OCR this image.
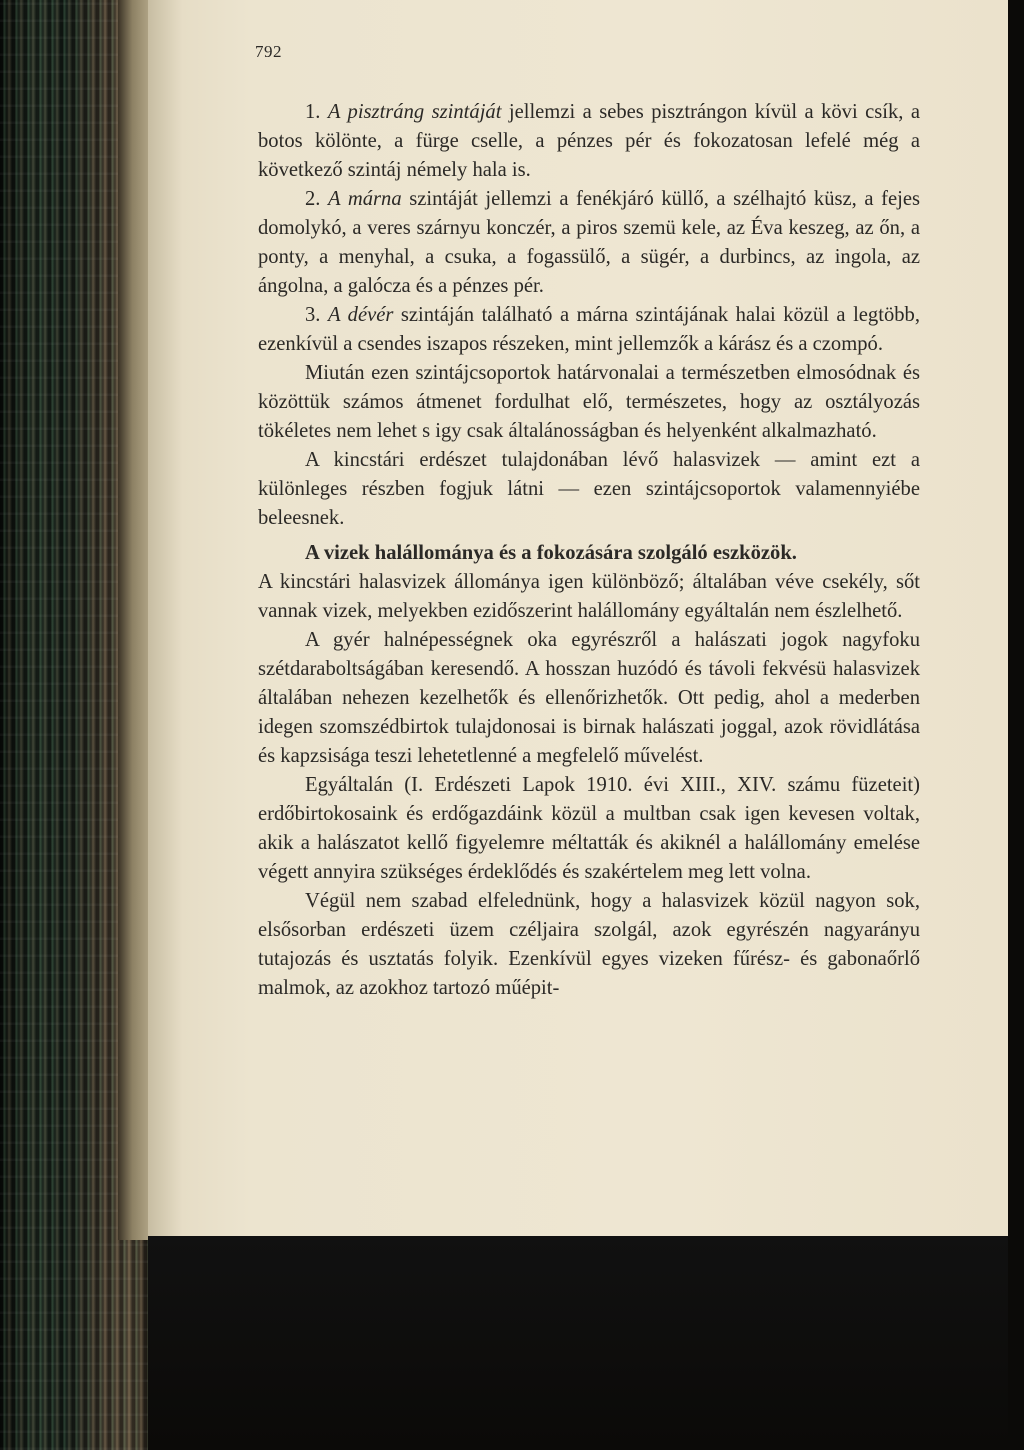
792

1. A pisztráng szintáját jellemzi a sebes pisztrángon kívül a kövi csík, a botos kölönte, a fürge cselle, a pénzes pér és fokozatosan lefelé még a következő szintáj némely hala is.

2. A márna szintáját jellemzi a fenékjáró küllő, a szélhajtó küsz, a fejes domolykó, a veres szárnyu konczér, a piros szemü kele, az Éva keszeg, az őn, a ponty, a menyhal, a csuka, a fogassülő, a sügér, a durbincs, az ingola, az ángolna, a galócza és a pénzes pér.

3. A dévér szintáján található a márna szintájának halai közül a legtöbb, ezenkívül a csendes iszapos részeken, mint jellemzők a kárász és a czompó.

Miután ezen szintájcsoportok határvonalai a természetben elmosódnak és közöttük számos átmenet fordulhat elő, természetes, hogy az osztályozás tökéletes nem lehet s igy csak általánosságban és helyenként alkalmazható.

A kincstári erdészet tulajdonában lévő halasvizek — amint ezt a különleges részben fogjuk látni — ezen szintájcsoportok valamennyiébe beleesnek.

A vizek halállománya és a fokozására szolgáló eszközök.

A kincstári halasvizek állománya igen különböző; általában véve csekély, sőt vannak vizek, melyekben ezidőszerint halállomány egyáltalán nem észlelhető.

A gyér halnépességnek oka egyrészről a halászati jogok nagyfoku szétdaraboltságában keresendő. A hosszan huzódó és távoli fekvésü halasvizek általában nehezen kezelhetők és ellenőrizhetők. Ott pedig, ahol a mederben idegen szomszédbirtok tulajdonosai is birnak halászati joggal, azok rövidlátása és kapzsisága teszi lehetetlenné a megfelelő művelést.

Egyáltalán (I. Erdészeti Lapok 1910. évi XIII., XIV. számu füzeteit) erdőbirtokosaink és erdőgazdáink közül a multban csak igen kevesen voltak, akik a halászatot kellő figyelemre méltatták és akiknél a halállomány emelése végett annyira szükséges érdeklődés és szakértelem meg lett volna.

Végül nem szabad elfelednünk, hogy a halasvizek közül nagyon sok, elsősorban erdészeti üzem czéljaira szolgál, azok egyrészén nagyarányu tutajozás és usztatás folyik. Ezenkívül egyes vizeken fűrész- és gabonaőrlő malmok, az azokhoz tartozó műépit-
